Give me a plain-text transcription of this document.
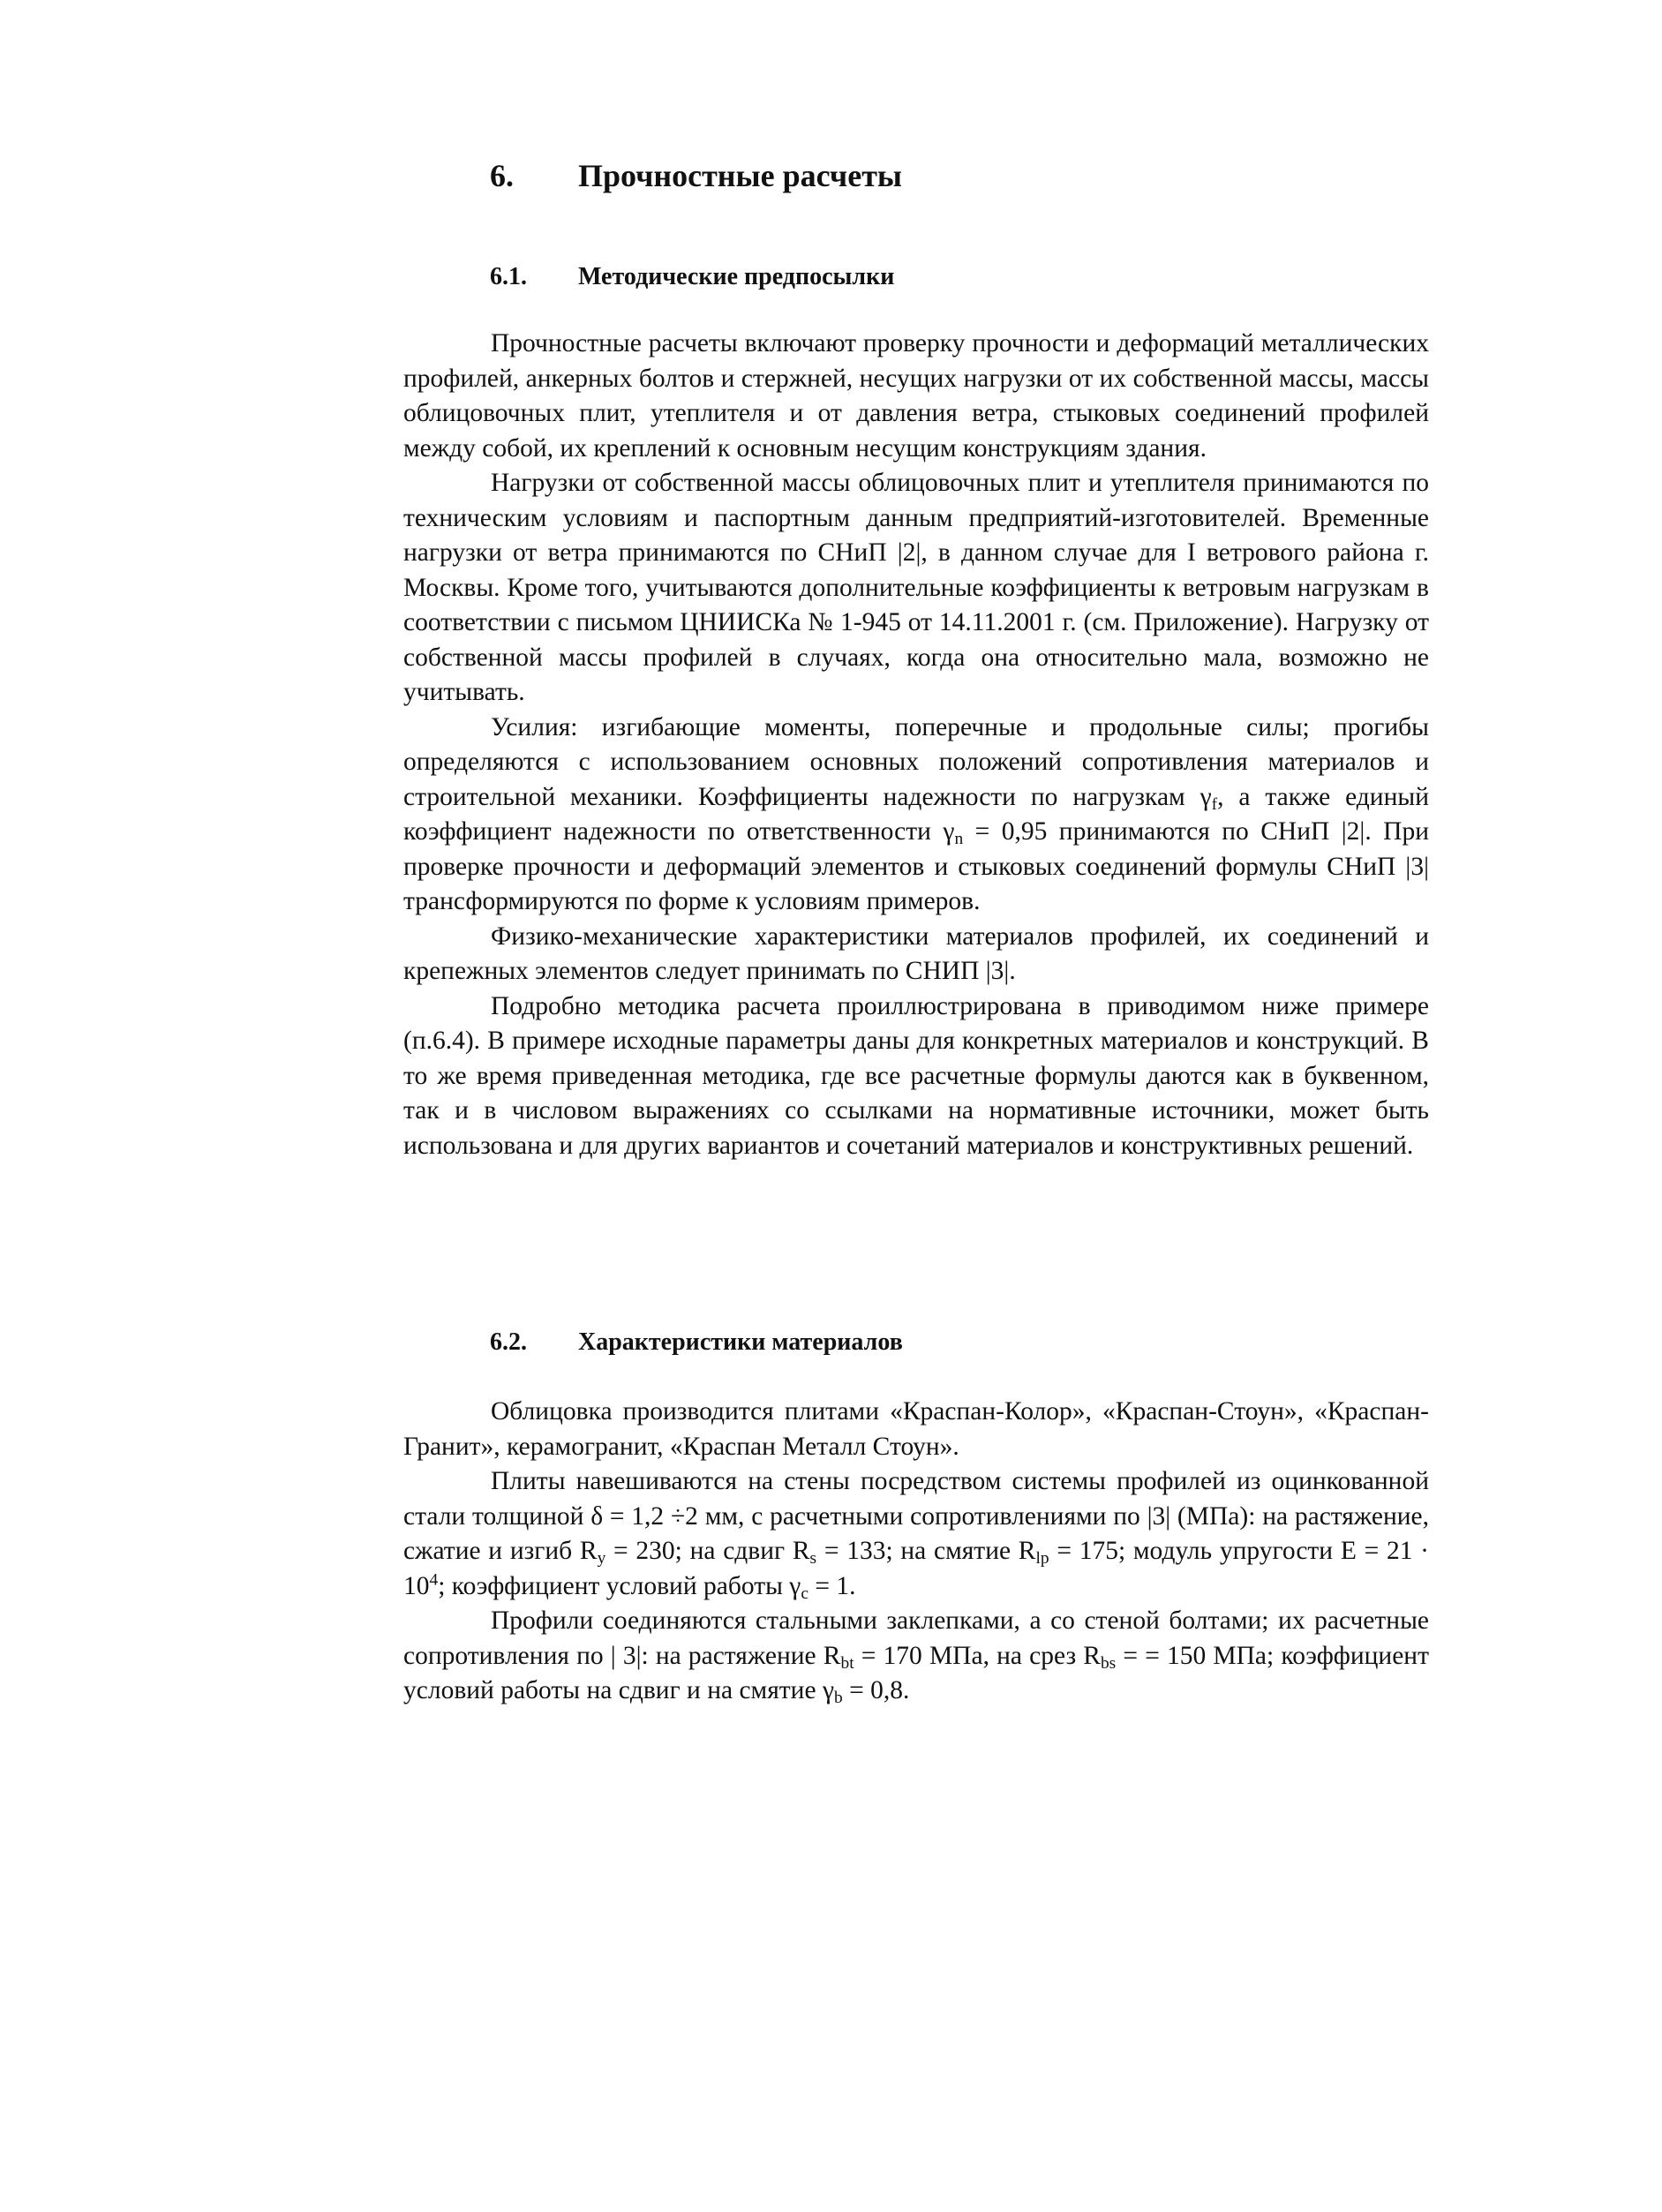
6. Прочностные расчеты
6.1. Методические предпосылки

Прочностные расчеты включают проверку прочности и деформаций металлических профилей, анкерных болтов и стержней, несущих нагрузки от их собственной массы, массы облицовочных плит, утеплителя и от давления ветра, стыковых соединений профилей между собой, их креплений к основным несущим конструкциям здания.

Нагрузки от собственной массы облицовочных плит и утеплителя принимаются по техническим условиям и паспортным данным предприятий-изготовителей. Временные нагрузки от ветра принимаются по СНиП |2|, в данном случае для I ветрового района г. Москвы. Кроме того, учитываются дополнительные коэффициенты к ветровым нагрузкам в соответствии с письмом ЦНИИСКа № 1-945 от 14.11.2001 г. (см. Приложение). Нагрузку от собственной массы профилей в случаях, когда она относительно мала, возможно не учитывать.

Усилия: изгибающие моменты, поперечные и продольные силы; прогибы определяются с использованием основных положений сопротивления материалов и строительной механики. Коэффициенты надежности по нагрузкам $\gamma_f$, а также единый коэффициент надежности по ответственности $\gamma_n = 0,95$ принимаются по СНиП |2|. При проверке прочности и деформаций элементов и стыковых соединений формулы СНиП |3| трансформируются по форме к условиям примеров.

Физико-механические характеристики материалов профилей, их соединений и крепежных элементов следует принимать по СНИП |3|.

Подробно методика расчета проиллюстрирована в приводимом ниже примере (п.6.4). В примере исходные параметры даны для конкретных материалов и конструкций. В то же время приведенная методика, где все расчетные формулы даются как в буквенном, так и в числовом выражениях со ссылками на нормативные источники, может быть использована и для других вариантов и сочетаний материалов и конструктивных решений.

6.2. Характеристики материалов

Облицовка производится плитами «Краспан-Колор», «Краспан-Стоун», «Краспан-Гранит», керамогранит, «Краспан Металл Стоун».

Плиты навешиваются на стены посредством системы профилей из оцинкованной стали толщиной δ = 1,2 ÷2 мм, с расчетными сопротивлениями по |3| (МПа): на растяжение, сжатие и изгиб $R_y = 230$; на сдвиг $R_s = 133$; на смятие $R_{lp} = 175$; модуль упругости $E = 21 \cdot 10^4$; коэффициент условий работы $\gamma_c = 1$.

Профили соединяются стальными заклепками, а со стеной болтами; их расчетные сопротивления по | 3|: на растяжение $R_{bt} = 170$ МПа, на срез $R_{bs}$ = = 150 МПа; коэффициент условий работы на сдвиг и на смятие $\gamma_b = 0,8$.
